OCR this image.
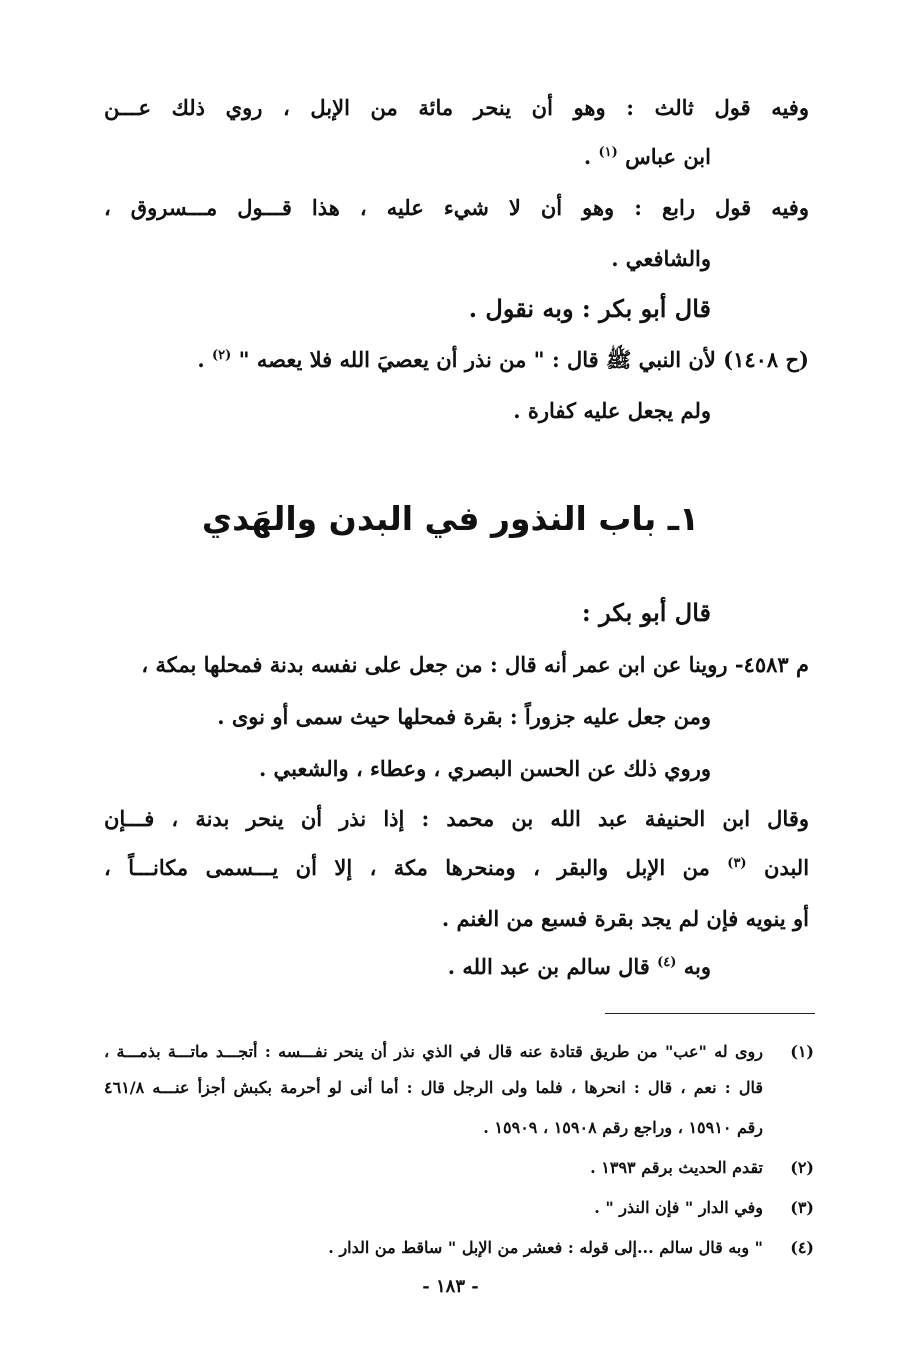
وفيه قول ثالث : وهو أن ينحر مائة من الإبل ، روي ذلك عـــن
ابن عباس $^{(١)}$ .
وفيه قول رابع : وهو أن لا شيء عليه ، هذا قـــول مـــسروق ،
والشافعي .
قال أبو بكر : وبه نقول .
(ح ١٤٠٨) لأن النبي ﷺ قال : " من نذر أن يعصيَ الله فلا يعصه " $^{(٢)}$ .
ولم يجعل عليه كفارة .
١ـ باب النذور في البدن والهَدي
قال أبو بكر :
م ٤٥٨٣- روينا عن ابن عمر أنه قال : من جعل على نفسه بدنة فمحلها بمكة ،
ومن جعل عليه جزوراً : بقرة فمحلها حيث سمى أو نوى .
وروي ذلك عن الحسن البصري ، وعطاء ، والشعبي .
وقال ابن الحنيفة عبد الله بن محمد : إذا نذر أن ينحر بدنة ، فـــإن
البدن $^{(٣)}$ من الإبل والبقر ، ومنحرها مكة ، إلا أن يـــسمى مكانـــاً ،
أو ينويه فإن لم يجد بقرة فسبع من الغنم .
وبه $^{(٤)}$ قال سالم بن عبد الله .
(١)
روى له "عب" من طريق قتادة عنه قال في الذي نذر أن ينحر نفـــسه : أتجـــد ماتـــة بذمـــة ،
قال : نعم ، قال : انحرها ، فلما ولى الرجل قال : أما أنى لو أحرمة بكبش أجزأ عنـــه ٤٦١/٨
رقم ١٥٩١٠ ، وراجع رقم ١٥٩٠٨ ، ١٥٩٠٩ .
(٢)
تقدم الحديث برقم ١٣٩٣ .
(٣)
وفي الدار " فإن النذر " .
(٤)
" وبه قال سالم ...إلى قوله : فعشر من الإبل " ساقط من الدار .
- ١٨٣ -
